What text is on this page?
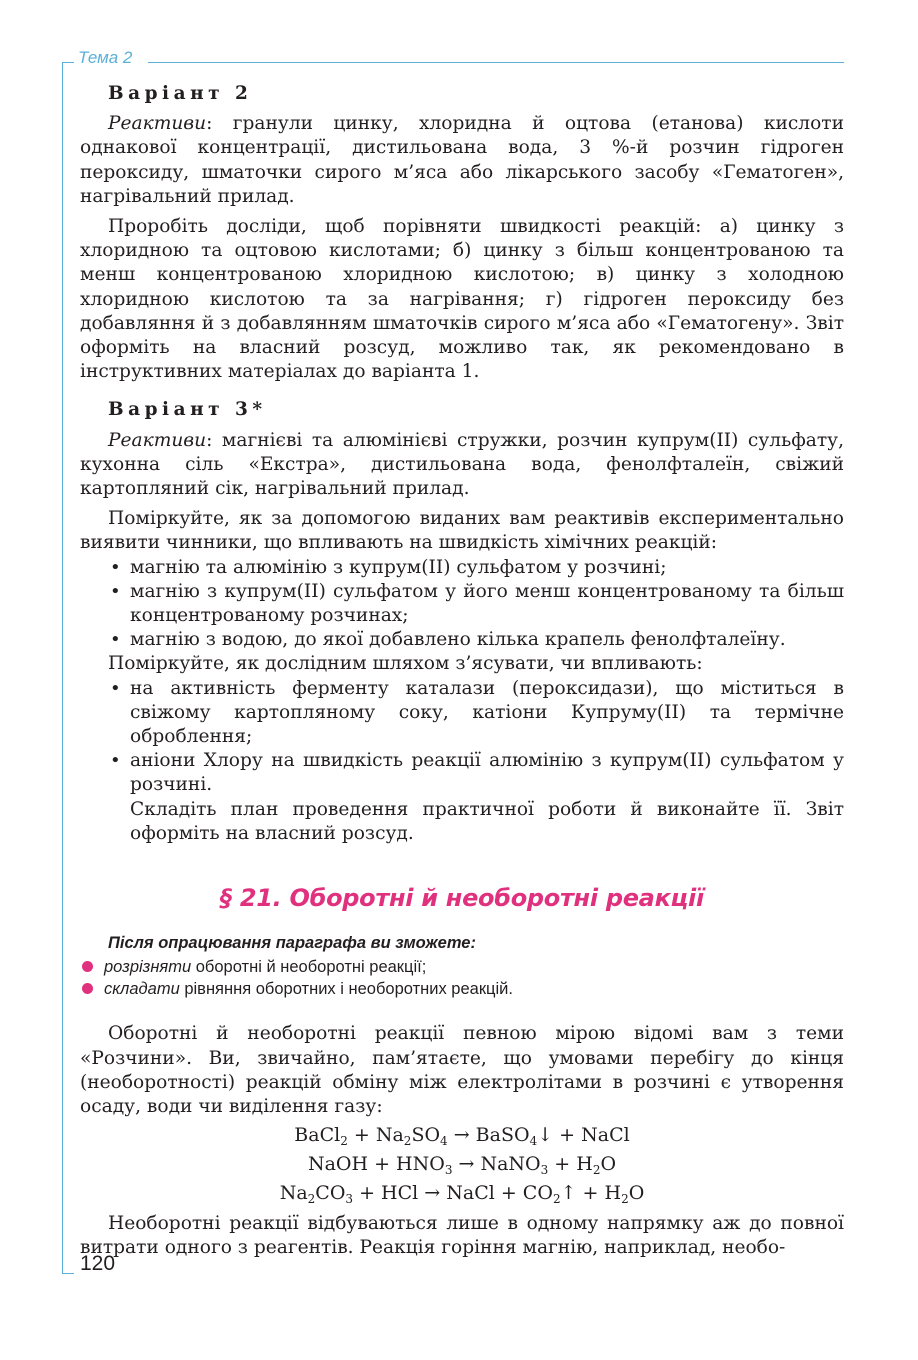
Тема 2
Варіант 2

Реактиви: гранули цинку, хлоридна й оцтова (етанова) кислоти однакової концентрації, дистильована вода, 3 %-й розчин гідроген пероксиду, шматочки сирого м’яса або лікарського засобу «Гематоген», нагрівальний прилад.

Проробіть досліди, щоб порівняти швидкості реакцій: а) цинку з хлоридною та оцтовою кислотами; б) цинку з більш концентрованою та менш концентрованою хлоридною кислотою; в) цинку з холодною хлоридною кислотою та за нагрівання; г) гідроген пероксиду без добавляння й з добавлянням шматочків сирого м’яса або «Гематогену». Звіт оформіть на власний розсуд, можливо так, як рекомендовано в інструктивних матеріалах до варіанта 1.

Варіант 3*

Реактиви: магнієві та алюмінієві стружки, розчин купрум(ІІ) сульфату, кухонна сіль «Екстра», дистильована вода, фенолфталеїн, свіжий картопляний сік, нагрівальний прилад.

Поміркуйте, як за допомогою виданих вам реактивів експериментально виявити чинники, що впливають на швидкість хімічних реакцій:

• магнію та алюмінію з купрум(ІІ) сульфатом у розчині;
• магнію з купрум(ІІ) сульфатом у його менш концентрованому та більш концентрованому розчинах;
• магнію з водою, до якої добавлено кілька крапель фенолфталеїну.

Поміркуйте, як дослідним шляхом з’ясувати, чи впливають:

• на активність ферменту каталази (пероксидази), що міститься в свіжому картопляному соку, катіони Купруму(ІІ) та термічне оброблення;
• аніони Хлору на швидкість реакції алюмінію з купрум(ІІ) сульфатом у розчині.

Складіть план проведення практичної роботи й виконайте її. Звіт оформіть на власний розсуд.

§ 21. Оборотні й необоротні реакції
Після опрацювання параграфа ви зможете:
розрізняти оборотні й необоротні реакції;
складати рівняння оборотних і необоротних реакцій.

Оборотні й необоротні реакції певною мірою відомі вам з теми «Розчини». Ви, звичайно, пам’ятаєте, що умовами перебігу до кінця (необоротності) реакцій обміну між електролітами в розчині є утворення осаду, води чи виділення газу:

BaCl$_2$ + $Na_2SO_4$ → BaSO$_4$↓ + NaCl
NaOH + $HNO_3$ → NaNO$_3$ + $H_2O$
$Na_2CO_3$ + HCl → NaCl + $CO_2↑ + H_2O$

Необоротні реакції відбуваються лише в одному напрямку аж до повної витрати одного з реагентів. Реакція горіння магнію, наприклад, необо-

120
